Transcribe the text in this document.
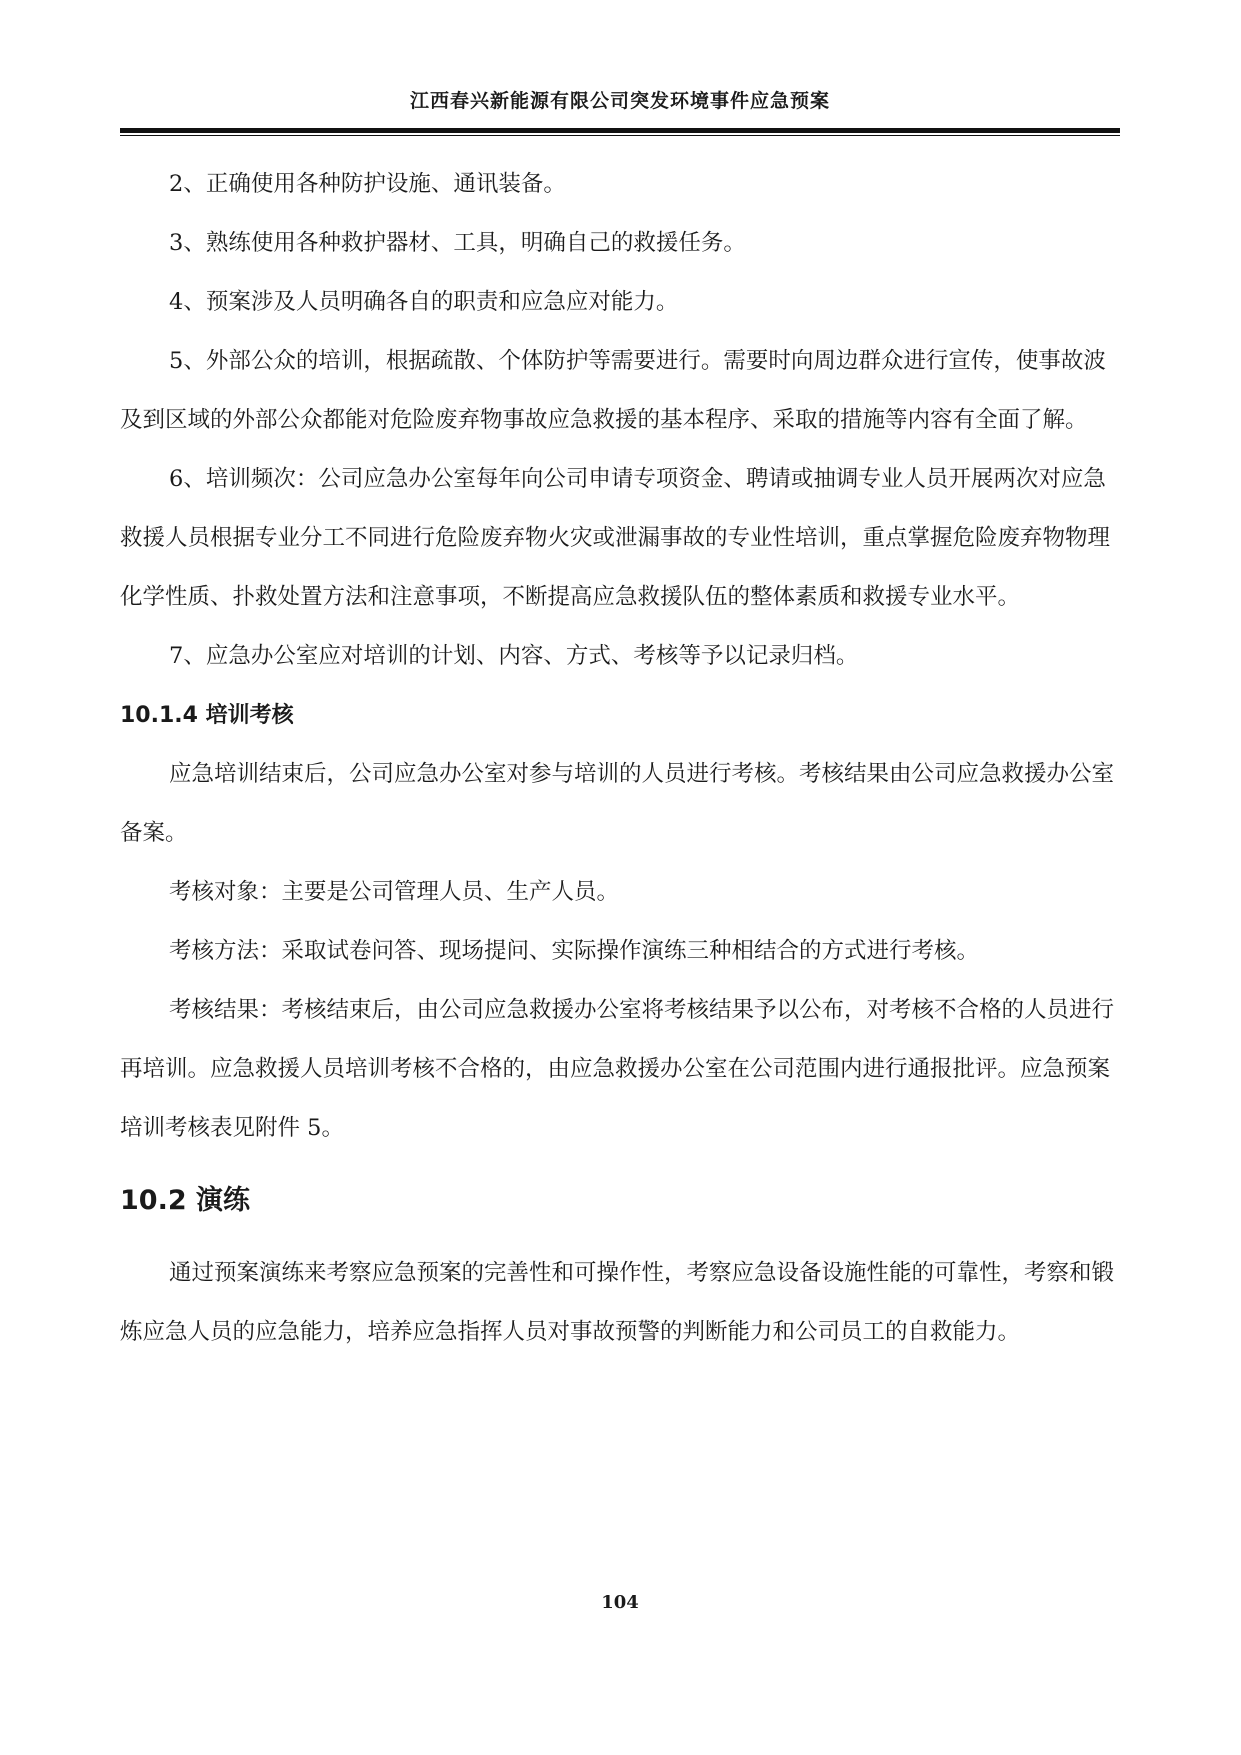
江西春兴新能源有限公司突发环境事件应急预案

2、正确使用各种防护设施、通讯装备。

3、熟练使用各种救护器材、工具，明确自己的救援任务。

4、预案涉及人员明确各自的职责和应急应对能力。

5、外部公众的培训，根据疏散、个体防护等需要进行。需要时向周边群众进行宣传，使事故波及到区域的外部公众都能对危险废弃物事故应急救援的基本程序、采取的措施等内容有全面了解。

6、培训频次：公司应急办公室每年向公司申请专项资金、聘请或抽调专业人员开展两次对应急救援人员根据专业分工不同进行危险废弃物火灾或泄漏事故的专业性培训，重点掌握危险废弃物物理化学性质、扑救处置方法和注意事项，不断提高应急救援队伍的整体素质和救援专业水平。

7、应急办公室应对培训的计划、内容、方式、考核等予以记录归档。

10.1.4 培训考核

应急培训结束后，公司应急办公室对参与培训的人员进行考核。考核结果由公司应急救援办公室备案。

考核对象：主要是公司管理人员、生产人员。

考核方法：采取试卷问答、现场提问、实际操作演练三种相结合的方式进行考核。

考核结果：考核结束后，由公司应急救援办公室将考核结果予以公布，对考核不合格的人员进行再培训。应急救援人员培训考核不合格的，由应急救援办公室在公司范围内进行通报批评。应急预案培训考核表见附件 5。

10.2 演练

通过预案演练来考察应急预案的完善性和可操作性，考察应急设备设施性能的可靠性，考察和锻炼应急人员的应急能力，培养应急指挥人员对事故预警的判断能力和公司员工的自救能力。

104
